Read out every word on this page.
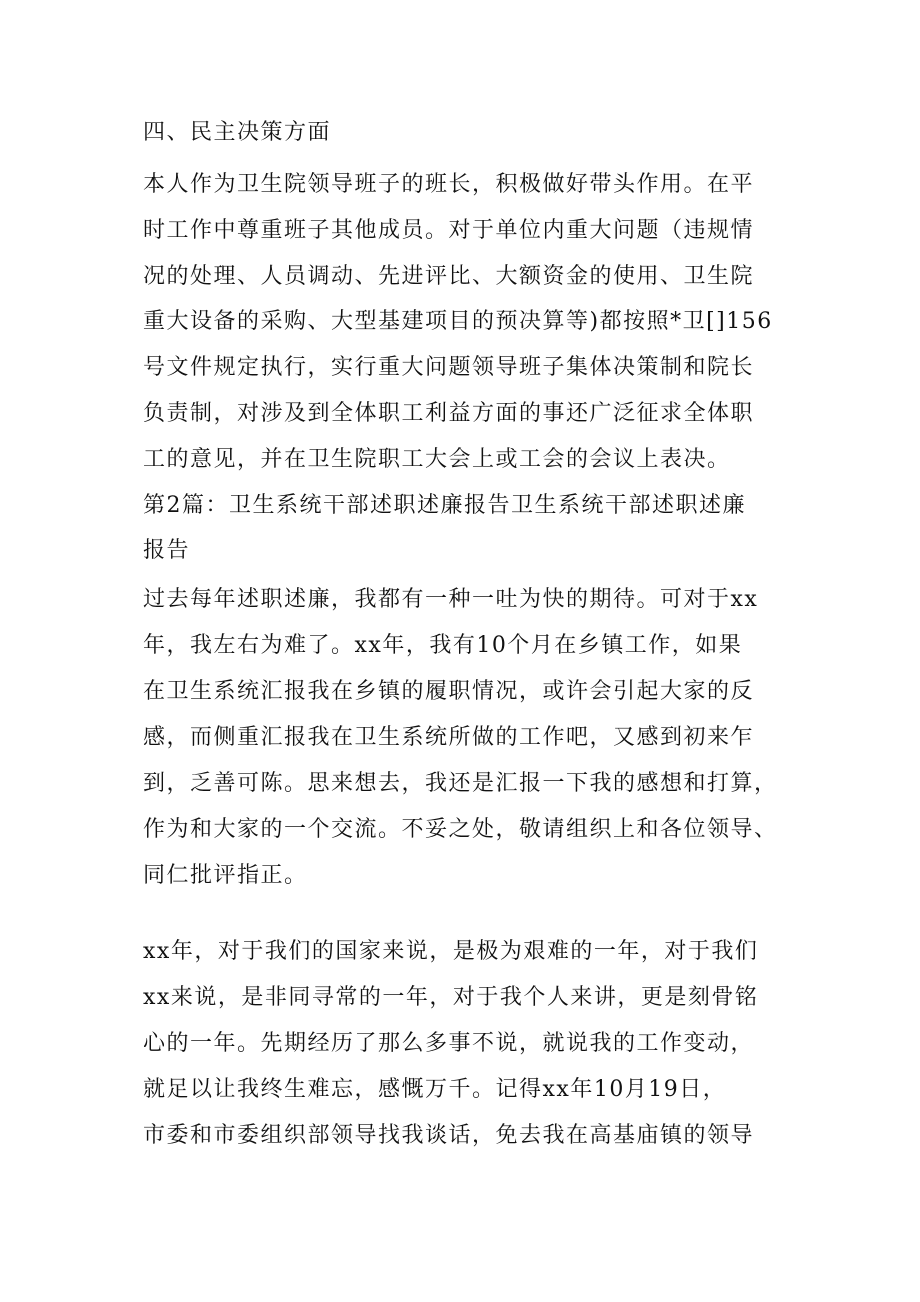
四、民主决策方面
本人作为卫生院领导班子的班长，积极做好带头作用。在平
时工作中尊重班子其他成员。对于单位内重大问题（违规情
况的处理、人员调动、先进评比、大额资金的使用、卫生院
重大设备的采购、大型基建项目的预决算等)都按照*卫[]156
号文件规定执行，实行重大问题领导班子集体决策制和院长
负责制，对涉及到全体职工利益方面的事还广泛征求全体职
工的意见，并在卫生院职工大会上或工会的会议上表决。
第2篇：卫生系统干部述职述廉报告卫生系统干部述职述廉
报告
过去每年述职述廉，我都有一种一吐为快的期待。可对于xx
年，我左右为难了。xx年，我有10个月在乡镇工作，如果
在卫生系统汇报我在乡镇的履职情况，或许会引起大家的反
感，而侧重汇报我在卫生系统所做的工作吧，又感到初来乍
到，乏善可陈。思来想去，我还是汇报一下我的感想和打算，
作为和大家的一个交流。不妥之处，敬请组织上和各位领导、
同仁批评指正。
xx年，对于我们的国家来说，是极为艰难的一年，对于我们
xx来说，是非同寻常的一年，对于我个人来讲，更是刻骨铭
心的一年。先期经历了那么多事不说，就说我的工作变动，
就足以让我终生难忘，感慨万千。记得xx年10月19日，
市委和市委组织部领导找我谈话，免去我在高基庙镇的领导
